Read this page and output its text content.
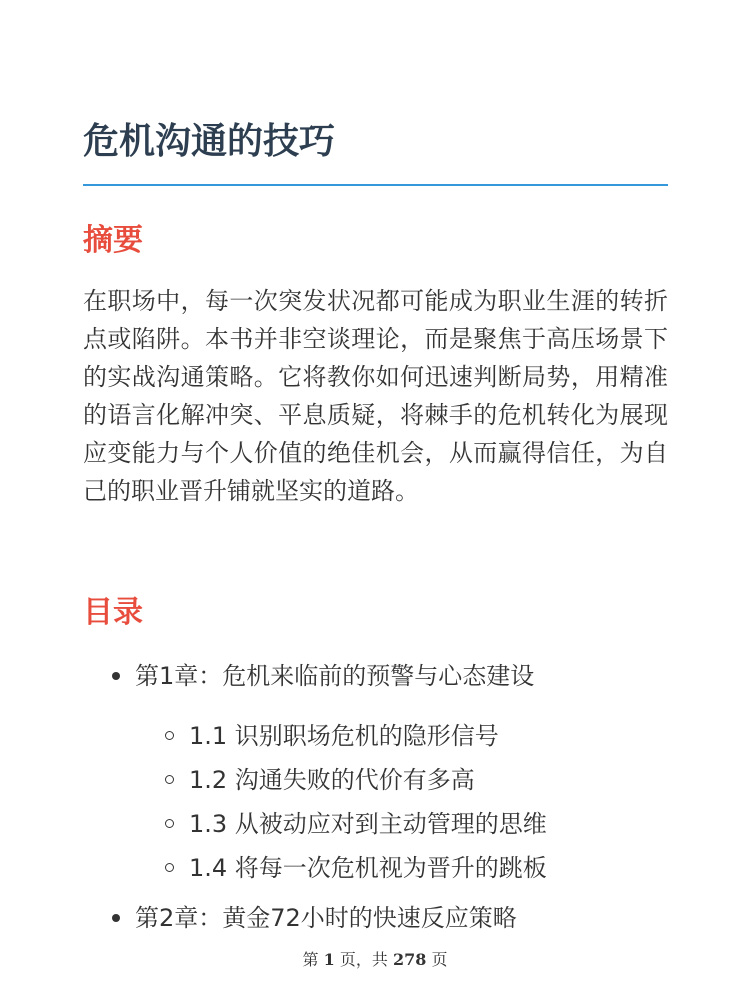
危机沟通的技巧
摘要

在职场中，每一次突发状况都可能成为职业生涯的转折点或陷阱。本书并非空谈理论，而是聚焦于高压场景下的实战沟通策略。它将教你如何迅速判断局势，用精准的语言化解冲突、平息质疑，将棘手的危机转化为展现应变能力与个人价值的绝佳机会，从而赢得信任，为自己的职业晋升铺就坚实的道路。

目录
第1章：危机来临前的预警与心态建设
1.1 识别职场危机的隐形信号
1.2 沟通失败的代价有多高
1.3 从被动应对到主动管理的思维
1.4 将每一次危机视为晋升的跳板
第2章：黄金72小时的快速反应策略
第 1 页，共 278 页
